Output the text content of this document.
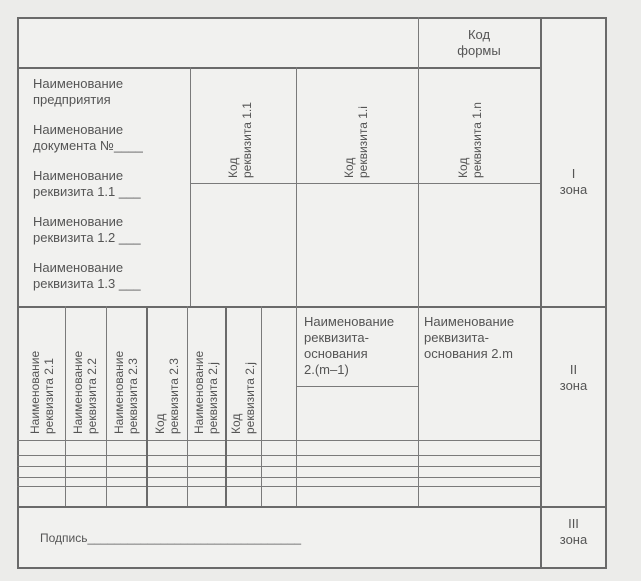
Код
формы
Наименование
предприятия
Наименование
документа №____
Наименование
реквизита 1.1 ___
Наименование
реквизита 1.2 ___
Наименование
реквизита 1.3 ___
Код
реквизита 1.1
Код
реквизита 1.i
Код
реквизита 1.n
I
зона
II
зона
III
зона
Наименование
реквизита 2.1 Наименование
реквизита 2.2 Наименование
реквизита 2.3
Код
реквизита 2.3 Наименование
реквизита 2.j
Код
реквизита 2.j
Наименование
реквизита-
основания
2.(m–1)
Наименование
реквизита-
основания 2.m
Подпись________________________________
